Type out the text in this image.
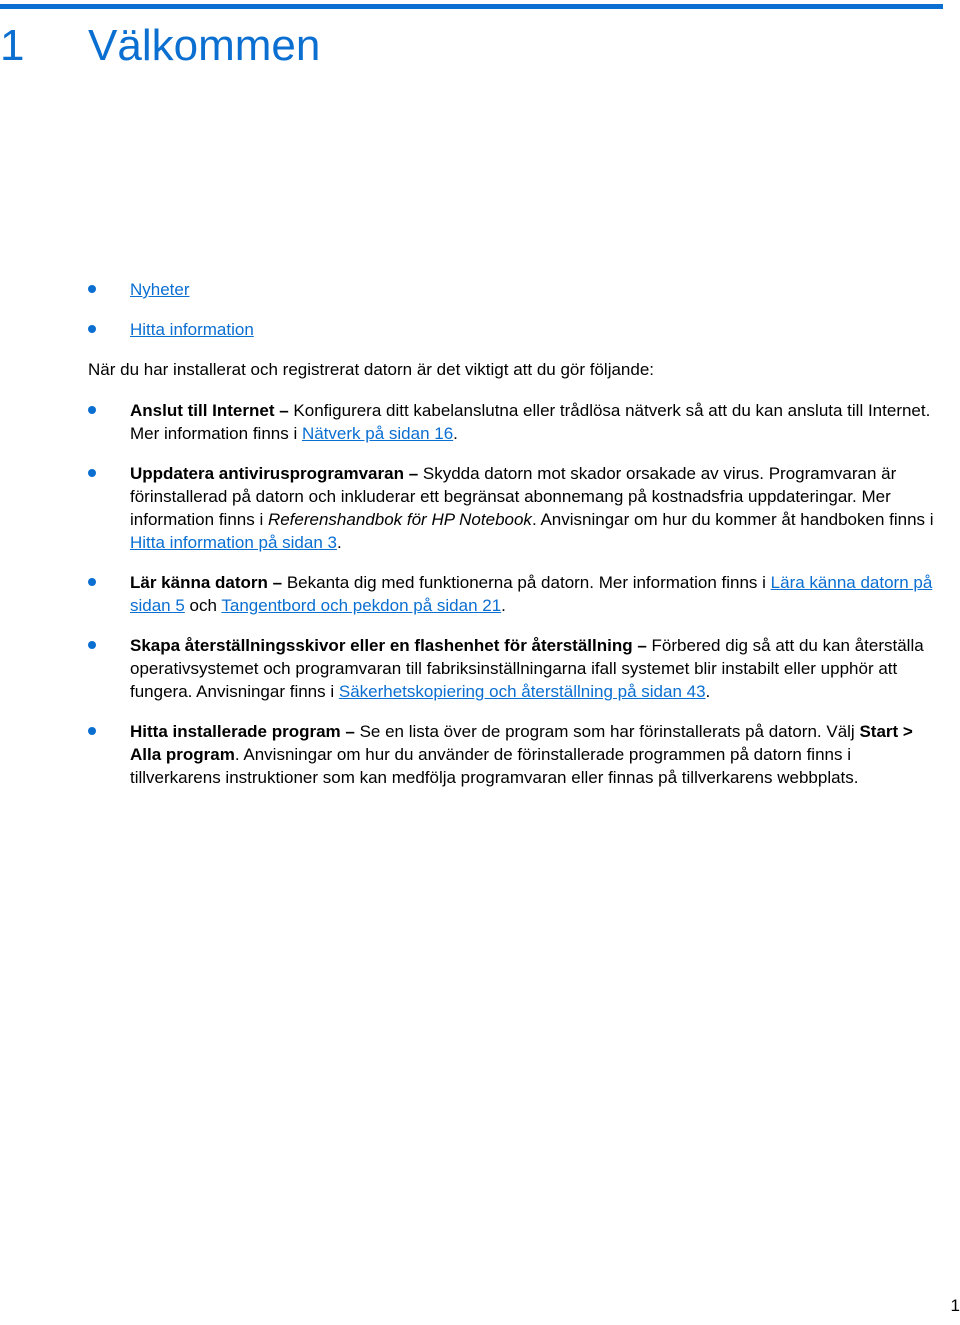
1 Välkommen
Nyheter
Hitta information

När du har installerat och registrerat datorn är det viktigt att du gör följande:

Anslut till Internet – Konfigurera ditt kabelanslutna eller trådlösa nätverk så att du kan ansluta till Internet. Mer information finns i Nätverk på sidan 16.
Uppdatera antivirusprogramvaran – Skydda datorn mot skador orsakade av virus. Programvaran är förinstallerad på datorn och inkluderar ett begränsat abonnemang på kostnadsfria uppdateringar. Mer information finns i Referenshandbok för HP Notebook. Anvisningar om hur du kommer åt handboken finns i Hitta information på sidan 3.
Lär känna datorn – Bekanta dig med funktionerna på datorn. Mer information finns i Lära känna datorn på sidan 5 och Tangentbord och pekdon på sidan 21.
Skapa återställningsskivor eller en flashenhet för återställning – Förbered dig så att du kan återställa operativsystemet och programvaran till fabriksinställningarna ifall systemet blir instabilt eller upphör att fungera. Anvisningar finns i Säkerhetskopiering och återställning på sidan 43.
Hitta installerade program – Se en lista över de program som har förinstallerats på datorn. Välj Start > Alla program. Anvisningar om hur du använder de förinstallerade programmen på datorn finns i tillverkarens instruktioner som kan medfölja programvaran eller finnas på tillverkarens webbplats.
1
